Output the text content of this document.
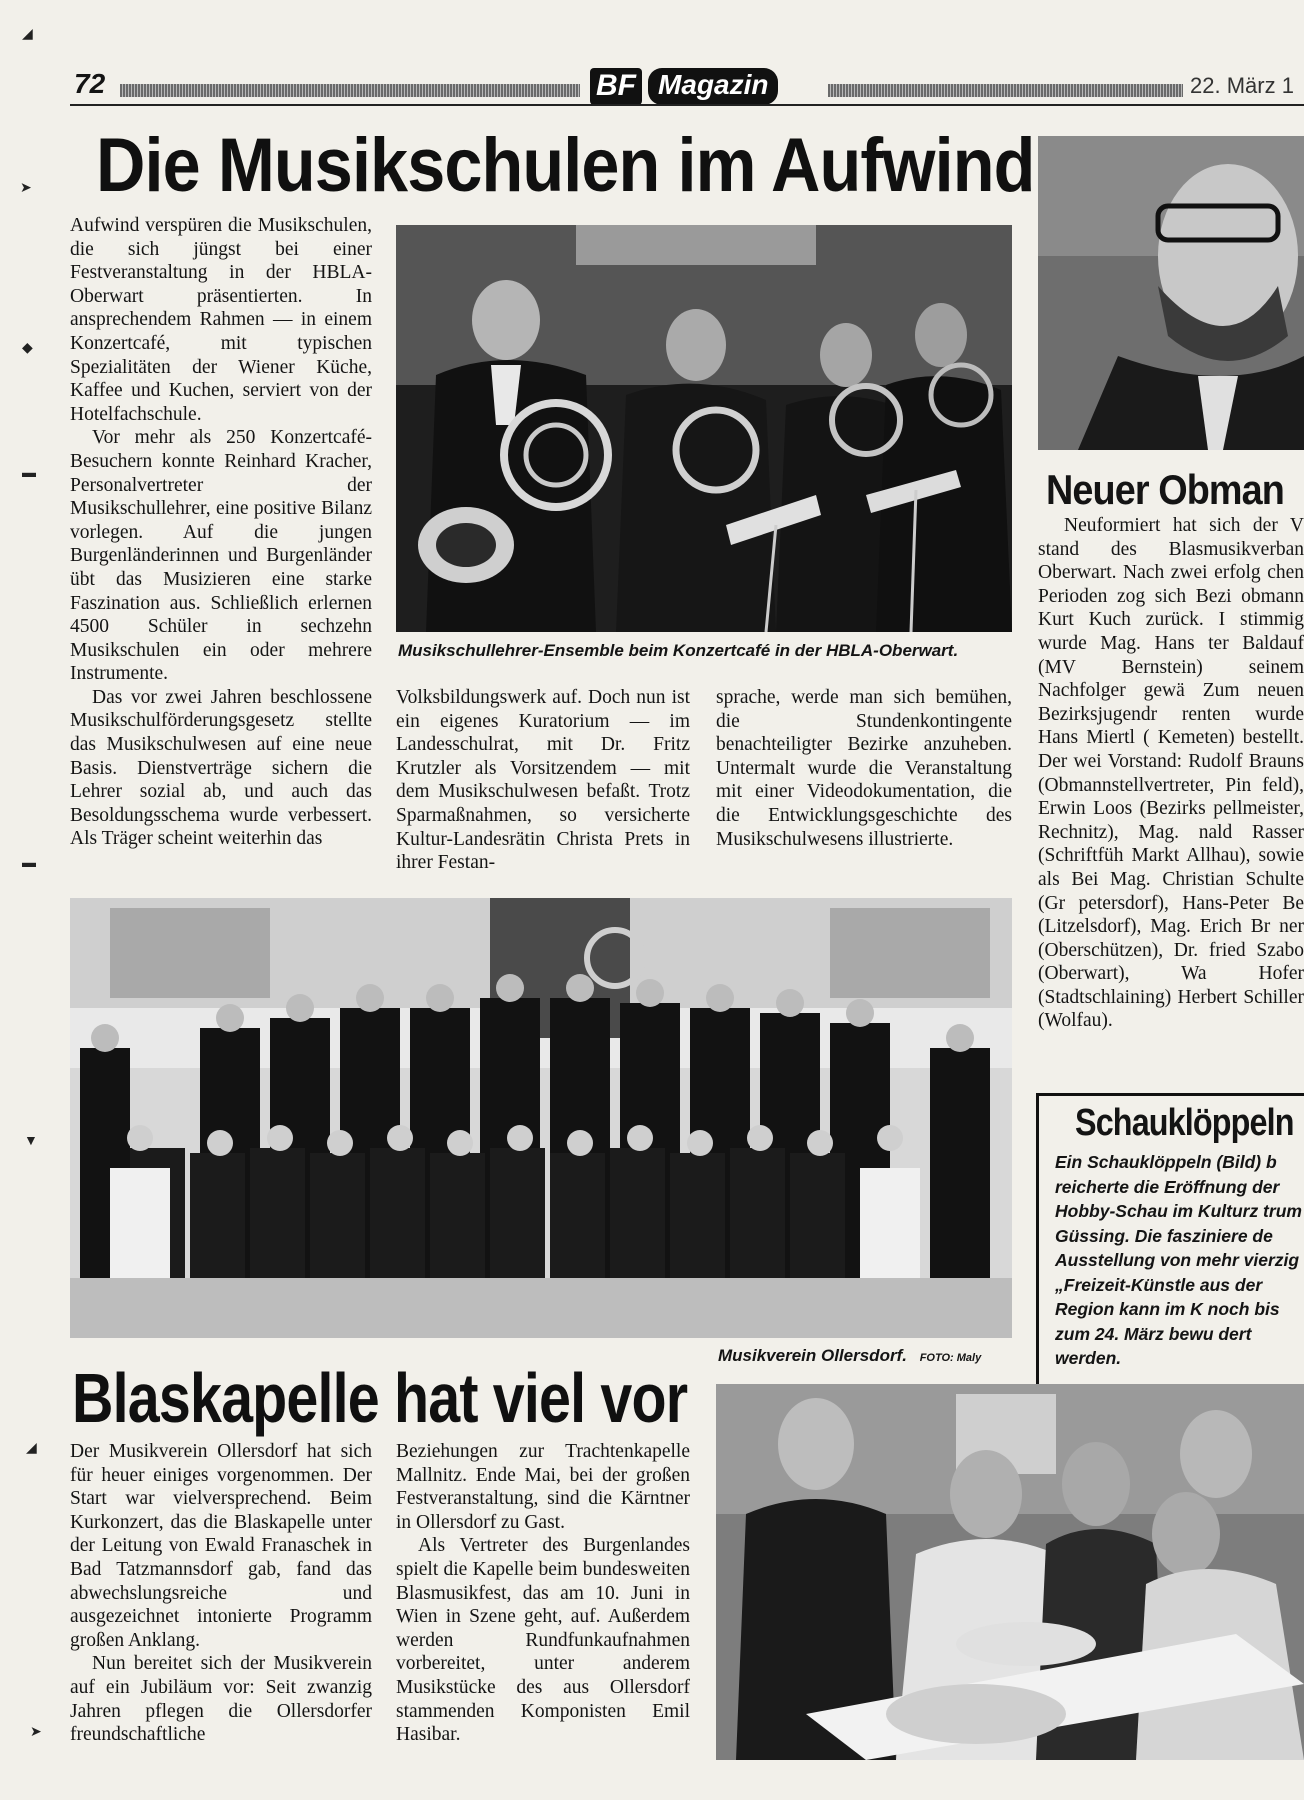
◢
➤
◆
▬
▬
▼
◢
➤
72	BF Magazin	22. März 1
Die Musikschulen im Aufwind
Musikschullehrer-Ensemble beim Konzertcafé in der HBLA-Oberwart.

Aufwind verspüren die Musikschulen, die sich jüngst bei einer Festveranstaltung in der HBLA-Oberwart präsentierten. In ansprechendem Rahmen — in einem Konzertcafé, mit typischen Spezialitäten der Wiener Küche, Kaffee und Kuchen, serviert von der Hotelfachschule.

Vor mehr als 250 Konzertcafé-Besuchern konnte Reinhard Kracher, Personalvertreter der Musikschullehrer, eine positive Bilanz vorlegen. Auf die jungen Burgenländerinnen und Burgenländer übt das Musizieren eine starke Faszination aus. Schließlich erlernen 4500 Schüler in sechzehn Musikschulen ein oder mehrere Instrumente.

Das vor zwei Jahren beschlossene Musikschulförderungsgesetz stellte das Musikschulwesen auf eine neue Basis. Dienstverträge sichern die Lehrer sozial ab, und auch das Besoldungsschema wurde verbessert. Als Träger scheint weiterhin das

Volksbildungswerk auf. Doch nun ist ein eigenes Kuratorium — im Landesschulrat, mit Dr. Fritz Krutzler als Vorsitzendem — mit dem Musikschulwesen befaßt. Trotz Sparmaßnahmen, so versicherte Kultur-Landesrätin Christa Prets in ihrer Festan-

sprache, werde man sich bemühen, die Stundenkontingente benachteiligter Bezirke anzuheben. Untermalt wurde die Veranstaltung mit einer Videodokumentation, die die Entwicklungsgeschichte des Musikschulwesens illustrierte.

Neuer Obman

Neuformiert hat sich der V stand des Blasmusikverban Oberwart. Nach zwei erfolg chen Perioden zog sich Bezi obmann Kurt Kuch zurück. I stimmig wurde Mag. Hans ter Baldauf (MV Bernstein) seinem Nachfolger gewä Zum neuen Bezirksjugendr renten wurde Hans Miertl ( Kemeten) bestellt. Der wei Vorstand: Rudolf Brauns (Obmannstellvertreter, Pin feld), Erwin Loos (Bezirks pellmeister, Rechnitz), Mag. nald Rasser (Schriftfüh Markt Allhau), sowie als Bei Mag. Christian Schulte (Gr petersdorf), Hans-Peter Be (Litzelsdorf), Mag. Erich Br ner (Oberschützen), Dr. fried Szabo (Oberwart), Wa Hofer (Stadtschlaining) Herbert Schiller (Wolfau).

Musikverein Ollersdorf. FOTO: Maly
Schauklöppeln
Ein Schauklöppeln (Bild) b reicherte die Eröffnung der Hobby-Schau im Kulturz trum Güssing. Die fasziniere de Ausstellung von mehr vierzig „Freizeit-Künstle aus der Region kann im K noch bis zum 24. März bewu dert werden.
Blaskapelle hat viel vor

Der Musikverein Ollersdorf hat sich für heuer einiges vorgenommen. Der Start war vielversprechend. Beim Kurkonzert, das die Blaskapelle unter der Leitung von Ewald Franaschek in Bad Tatzmannsdorf gab, fand das abwechslungsreiche und ausgezeichnet intonierte Programm großen Anklang.

Nun bereitet sich der Musikverein auf ein Jubiläum vor: Seit zwanzig Jahren pflegen die Ollersdorfer freundschaftliche

Beziehungen zur Trachtenkapelle Mallnitz. Ende Mai, bei der großen Festveranstaltung, sind die Kärntner in Ollersdorf zu Gast.

Als Vertreter des Burgenlandes spielt die Kapelle beim bundesweiten Blasmusikfest, das am 10. Juni in Wien in Szene geht, auf. Außerdem werden Rundfunkaufnahmen vorbereitet, unter anderem Musikstücke des aus Ollersdorf stammenden Komponisten Emil Hasibar.
